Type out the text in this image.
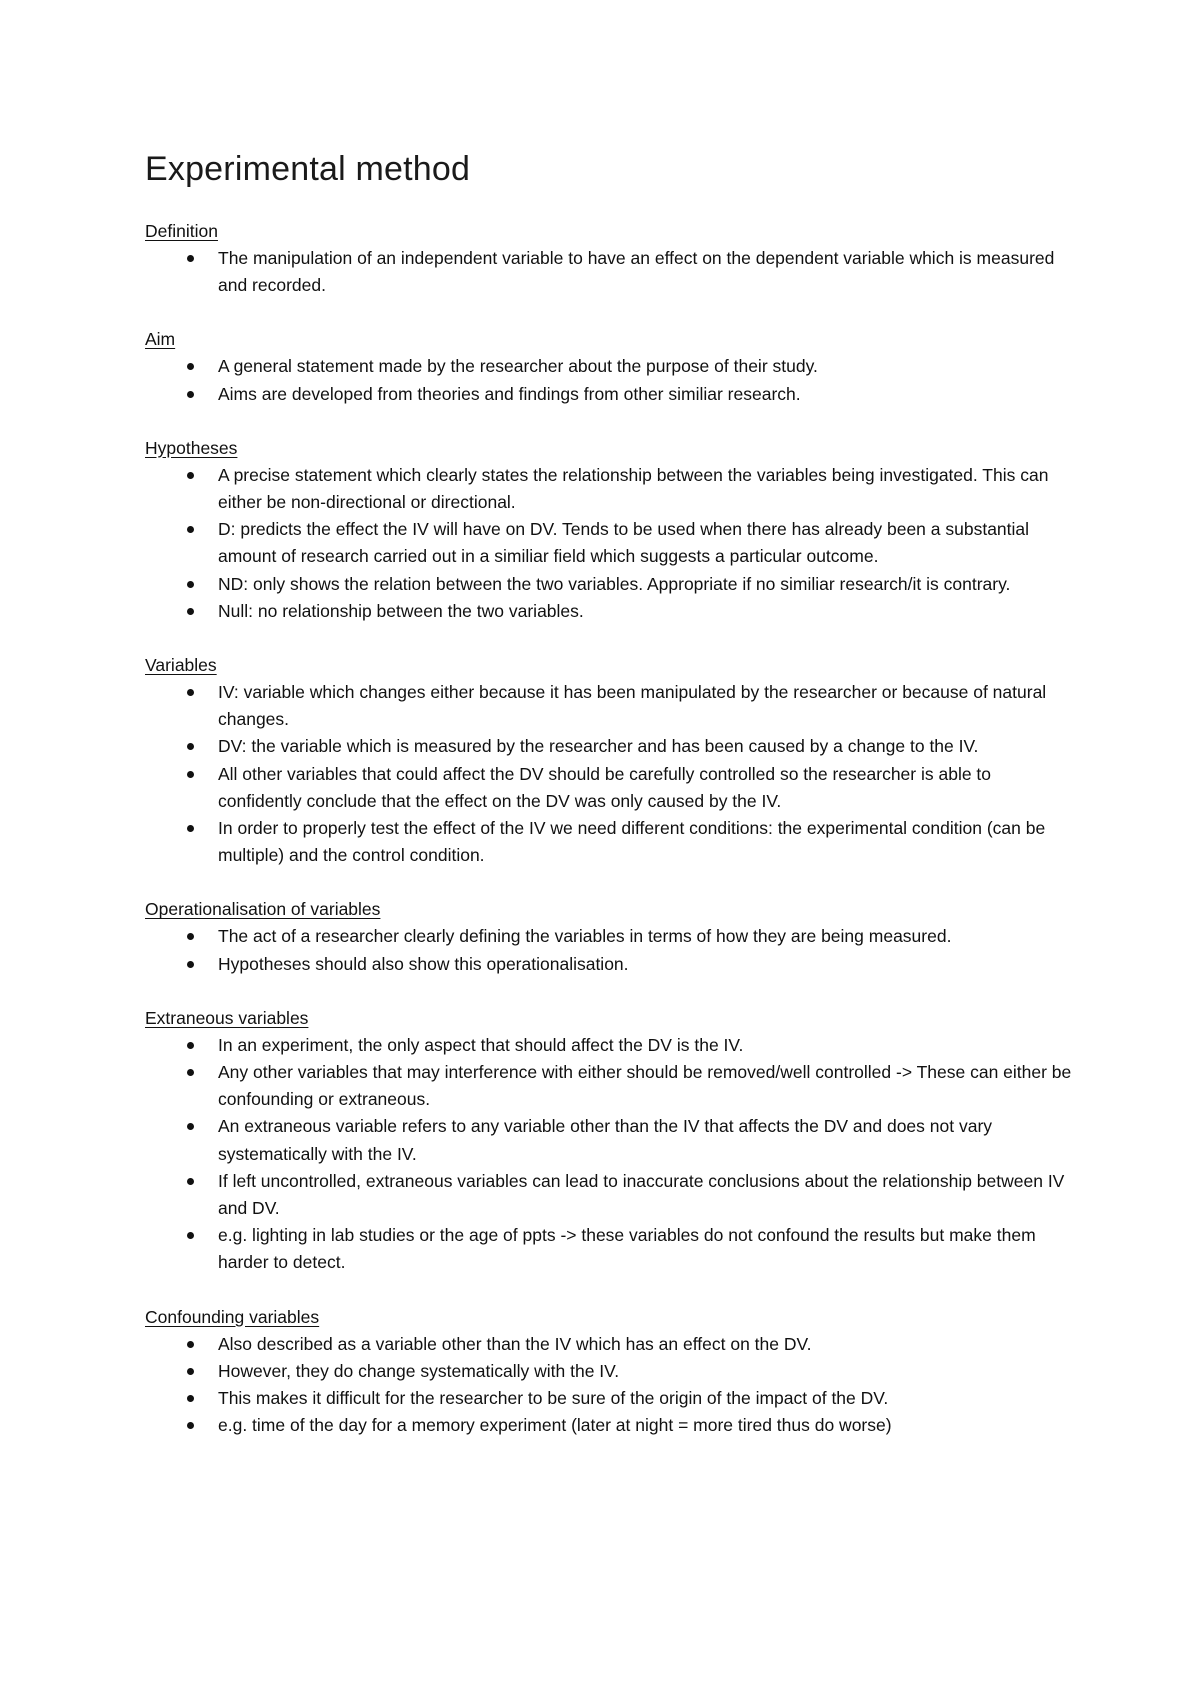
Experimental method
Definition
The manipulation of an independent variable to have an effect on the dependent variable which is measured and recorded.
Aim
A general statement made by the researcher about the purpose of their study.
Aims are developed from theories and findings from other similiar research.
Hypotheses
A precise statement which clearly states the relationship between the variables being investigated. This can either be non-directional or directional.
D: predicts the effect the IV will have on DV. Tends to be used when there has already been a substantial amount of research carried out in a similiar field which suggests a particular outcome.
ND: only shows the relation between the two variables. Appropriate if no similiar research/it is contrary.
Null: no relationship between the two variables.
Variables
IV: variable which changes either because it has been manipulated by the researcher or because of natural changes.
DV: the variable which is measured by the researcher and has been caused by a change to the IV.
All other variables that could affect the DV should be carefully controlled so the researcher is able to confidently conclude that the effect on the DV was only caused by the IV.
In order to properly test the effect of the IV we need different conditions: the experimental condition (can be multiple) and the control condition.
Operationalisation of variables
The act of a researcher clearly defining the variables in terms of how they are being measured.
Hypotheses should also show this operationalisation.
Extraneous variables
In an experiment, the only aspect that should affect the DV is the IV.
Any other variables that may interference with either should be removed/well controlled -> These can either be confounding or extraneous.
An extraneous variable refers to any variable other than the IV that affects the DV and does not vary systematically with the IV.
If left uncontrolled, extraneous variables can lead to inaccurate conclusions about the relationship between IV and DV.
e.g. lighting in lab studies or the age of ppts -> these variables do not confound the results but make them harder to detect.
Confounding variables
Also described as a variable other than the IV which has an effect on the DV.
However, they do change systematically with the IV.
This makes it difficult for the researcher to be sure of the origin of the impact of the DV.
e.g. time of the day for a memory experiment (later at night = more tired thus do worse)
